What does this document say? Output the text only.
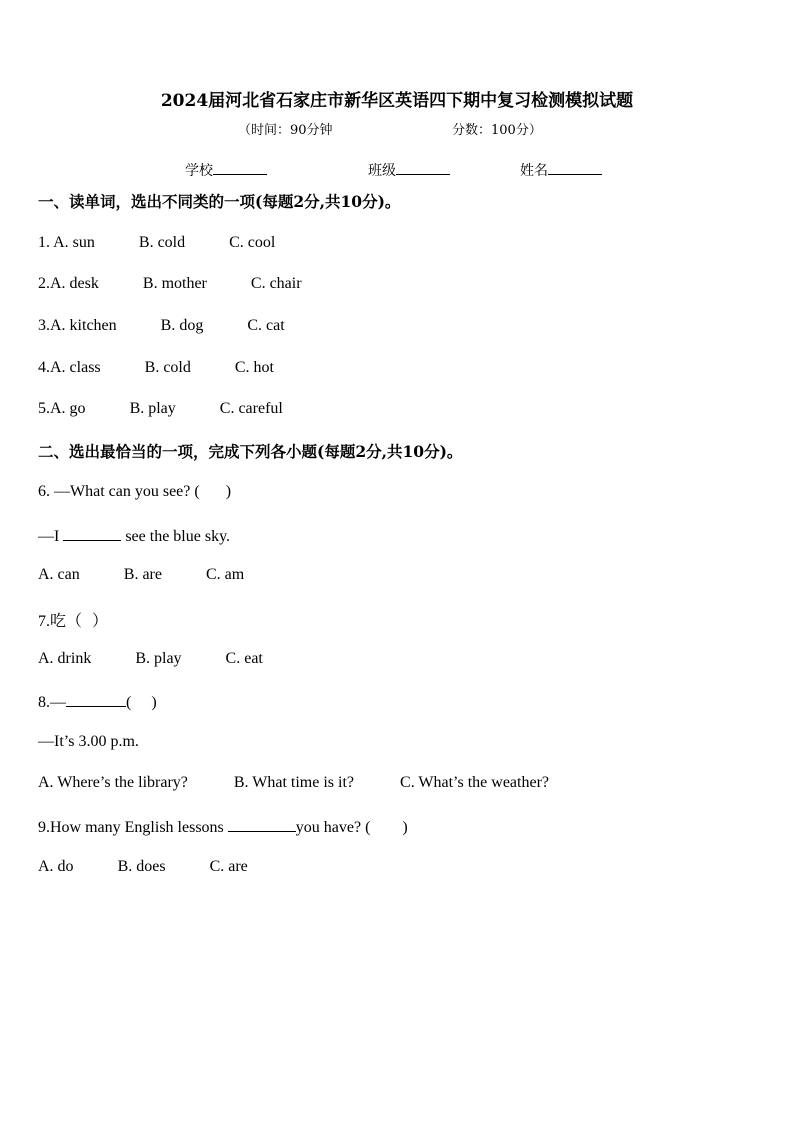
2024届河北省石家庄市新华区英语四下期中复习检测模拟试题
（时间：90分钟	分数：100分）
学校	班级	姓名
一、读单词，选出不同类的一项(每题2分,共10分)。
1. A. sun	B. cold	C. cool
2.A. desk	B. mother	C. chair
3.A. kitchen	B. dog	C. cat
4.A. class	B. cold	C. hot
5.A. go	B. play	C. careful
二、选出最恰当的一项，完成下列各小题(每题2分,共10分)。
6. —What can you see? ( )
—I	see the blue sky.
A. can	B. are	C. am
7.吃（ ）
A. drink	B. play	C. eat
8.—	( )
—It’s 3.00 p.m.
A. Where’s the library?	B. What time is it?	C. What’s the weather?
9.How many English lessons	you have? ( )
A. do	B. does	C. are
